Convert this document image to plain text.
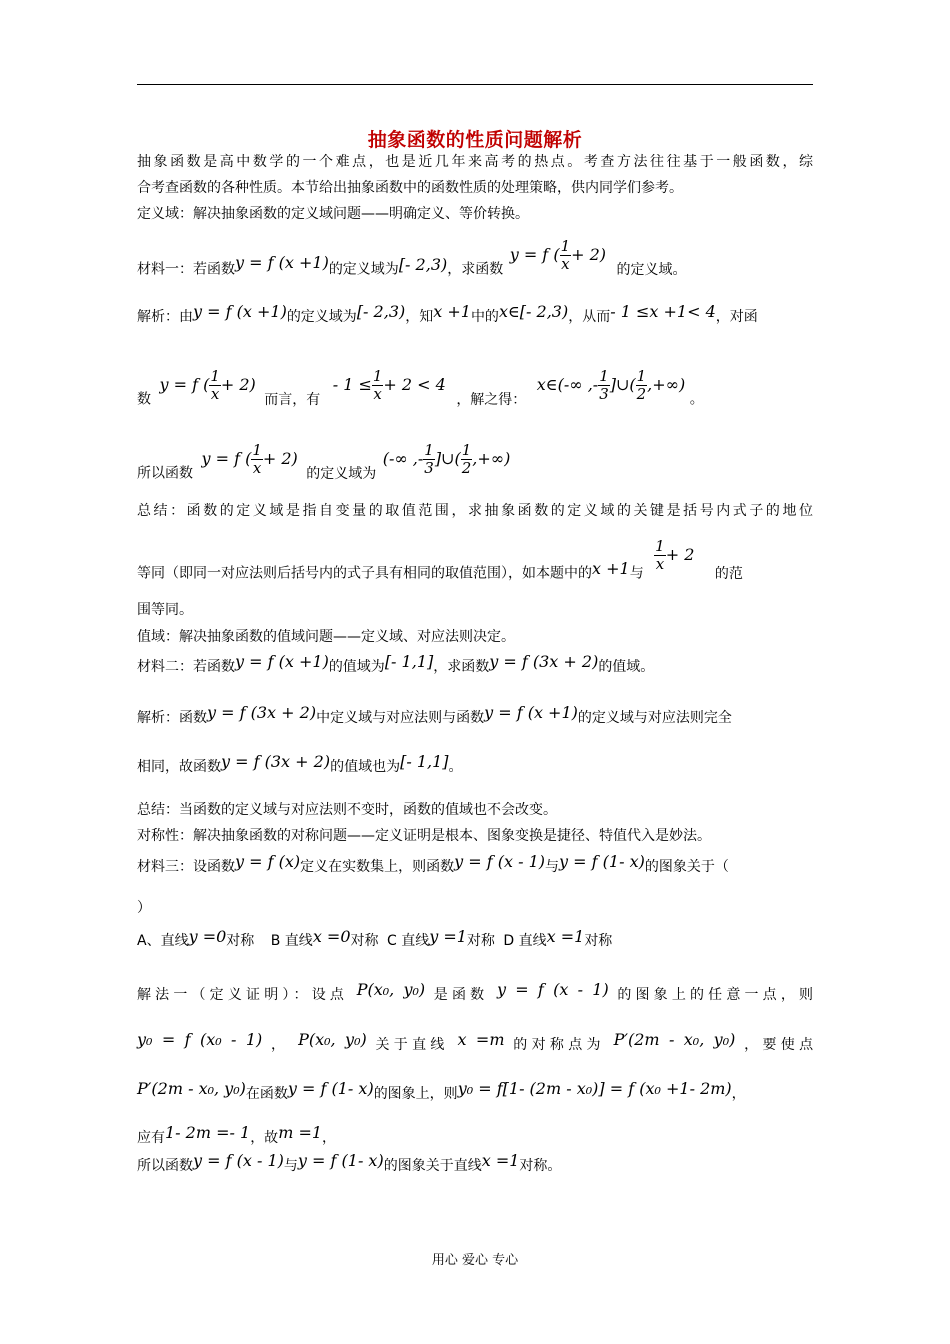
抽象函数的性质问题解析
抽象函数是高中数学的一个难点，也是近几年来高考的热点。考查方法往往基于一般函数，综
合考查函数的各种性质。本节给出抽象函数中的函数性质的处理策略，供内同学们参考。
定义域：解决抽象函数的定义域问题——明确定义、等价转换。
材料一：若函数y = f (x +1)的定义域为[- 2,3)，求函数 y = f ( $\frac{1}{x} + 2$) 的定义域。
解析：由y = f (x +1)的定义域为[- 2,3)，知x +1中的x∈[- 2,3)，从而- 1 ≤x +1< 4，对函
数 y = f ( $\frac{1}{x} + 2$) 而言，有 - $1 \le \frac{1}{x} + 2 < 4$ ，解之得： x∈(-∞ ,- $\frac{1}{3}$ ]∪( $\frac{1}{2}$ ,+∞) 。
所以函数 y = f ( $\frac{1}{x} + 2$) 的定义域为 (-∞ ,- $\frac{1}{3}$ ]∪( $\frac{1}{2}$ ,+∞)
总结：函数的定义域是指自变量的取值范围，求抽象函数的定义域的关键是括号内式子的地位
等同（即同一对应法则后括号内的式子具有相同的取值范围），如本题中的x +1与
$\frac{1}{x} + 2$ 的范
围等同。
值域：解决抽象函数的值域问题——定义域、对应法则决定。
材料二：若函数y = f (x +1)的值域为[- 1,1]，求函数y = f (3x + 2)的值域。
解析：函数y = f (3x + 2)中定义域与对应法则与函数y = f (x +1)的定义域与对应法则完全
相同，故函数y = f (3x + 2)的值域也为[- 1,1]。
总结：当函数的定义域与对应法则不变时，函数的值域也不会改变。
对称性：解决抽象函数的对称问题——定义证明是根本、图象变换是捷径、特值代入是妙法。
材料三：设函数y = f (x)定义在实数集上，则函数y = f (x - 1)与y = f (1- x)的图象关于（
）
A、直线y =0对称 B 直线x =0对称 C 直线y =1对称 D 直线x =1对称
解法一（定义证明）：设点 P(x₀, y₀) 是函数 y = f (x - 1) 的图象上的任意一点，则
y₀ = f (x₀ - 1) ， P(x₀, y₀) 关于直线 x =m 的对称点为 P′(2m - x₀, y₀) ，要使点
P′(2m - x₀, y₀)在函数y = f (1- x)的图象上，则y₀ = f[1- (2m - x₀)] = f (x₀ +1- 2m)，
应有1- 2m =- 1，故m =1，
所以函数y = f (x - 1)与y = f (1- x)的图象关于直线x =1对称。
用心 爱心 专心
